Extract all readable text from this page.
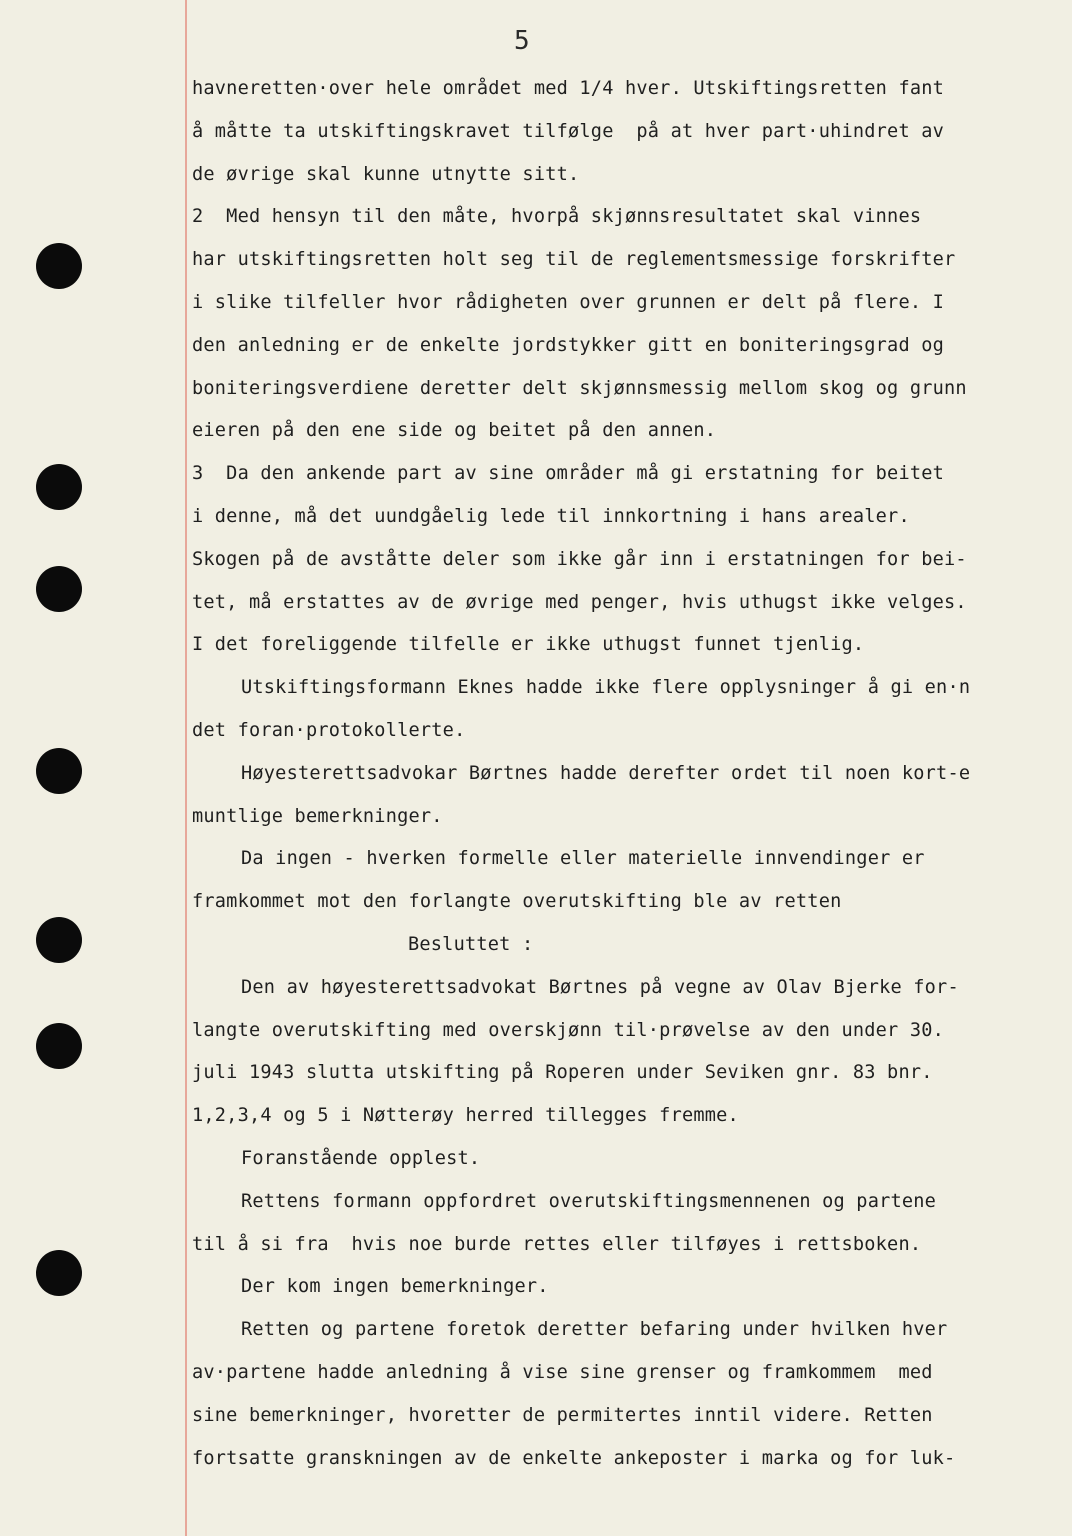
5
havneretten·over hele området med 1/4 hver. Utskiftingsretten fant
å måtte ta utskiftingskravet tilfølge  på at hver part·uhindret av
de øvrige skal kunne utnytte sitt.
2  Med hensyn til den måte, hvorpå skjønnsresultatet skal vinnes
har utskiftingsretten holt seg til de reglementsmessige forskrifter
i slike tilfeller hvor rådigheten over grunnen er delt på flere. I
den anledning er de enkelte jordstykker gitt en boniteringsgrad og
boniteringsverdiene deretter delt skjønnsmessig mellom skog og grunn
eieren på den ene side og beitet på den annen.
3  Da den ankende part av sine områder må gi erstatning for beitet
i denne, må det uundgåelig lede til innkortning i hans arealer.
Skogen på de avståtte deler som ikke går inn i erstatningen for bei-
tet, må erstattes av de øvrige med penger, hvis uthugst ikke velges.
I det foreliggende tilfelle er ikke uthugst funnet tjenlig.
Utskiftingsformann Eknes hadde ikke flere opplysninger å gi en·n
det foran·protokollerte.
Høyesterettsadvokar Børtnes hadde derefter ordet til noen kort-e
muntlige bemerkninger.
Da ingen - hverken formelle eller materielle innvendinger er
framkommet mot den forlangte overutskifting ble av retten
Besluttet :
Den av høyesterettsadvokat Børtnes på vegne av Olav Bjerke for-
langte overutskifting med overskjønn til·prøvelse av den under 30.
juli 1943 slutta utskifting på Roperen under Seviken gnr. 83 bnr.
1,2,3,4 og 5 i Nøtterøy herred tillegges fremme.
Foranstående opplest.
Rettens formann oppfordret overutskiftingsmennenen og partene
til å si fra  hvis noe burde rettes eller tilføyes i rettsboken.
Der kom ingen bemerkninger.
Retten og partene foretok deretter befaring under hvilken hver
av·partene hadde anledning å vise sine grenser og framkommem  med
sine bemerkninger, hvoretter de permitertes inntil videre. Retten
fortsatte granskningen av de enkelte ankeposter i marka og for luk-
